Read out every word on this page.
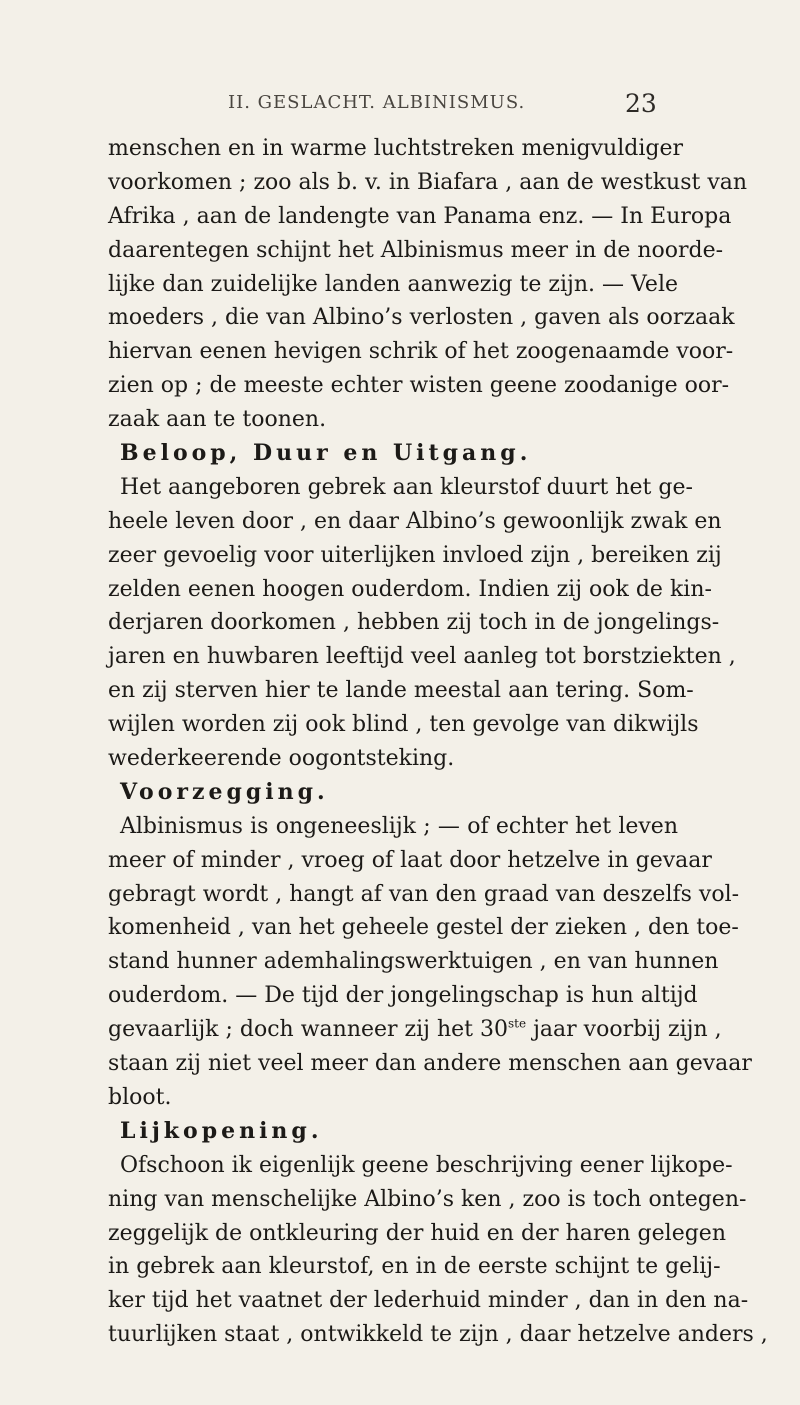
II. GESLACHT. ALBINISMUS.	23
menschen en in warme luchtstreken menigvuldiger
voorkomen ; zoo als b. v. in Biafara , aan de westkust van
Afrika , aan de landengte van Panama enz. — In Europa
daarentegen schijnt het Albinismus meer in de noorde-
lijke dan zuidelijke landen aanwezig te zijn. — Vele
moeders , die van Albino’s verlosten , gaven als oorzaak
hiervan eenen hevigen schrik of het zoogenaamde voor-
zien op ; de meeste echter wisten geene zoodanige oor-
zaak aan te toonen.
Beloop, Duur en Uitgang.
Het aangeboren gebrek aan kleurstof duurt het ge-
heele leven door , en daar Albino’s gewoonlijk zwak en
zeer gevoelig voor uiterlijken invloed zijn , bereiken zij
zelden eenen hoogen ouderdom. Indien zij ook de kin-
derjaren doorkomen , hebben zij toch in de jongelings-
jaren en huwbaren leeftijd veel aanleg tot borstziekten ,
en zij sterven hier te lande meestal aan tering. Som-
wijlen worden zij ook blind , ten gevolge van dikwijls
wederkeerende oogontsteking.
Voorzegging.
Albinismus is ongeneeslijk ; — of echter het leven
meer of minder , vroeg of laat door hetzelve in gevaar
gebragt wordt , hangt af van den graad van deszelfs vol-
komenheid , van het geheele gestel der zieken , den toe-
stand hunner ademhalingswerktuigen , en van hunnen
ouderdom. — De tijd der jongelingschap is hun altijd
gevaarlijk ; doch wanneer zij het 30ste jaar voorbij zijn ,
staan zij niet veel meer dan andere menschen aan gevaar
bloot.
Lijkopening.
Ofschoon ik eigenlijk geene beschrijving eener lijkope-
ning van menschelijke Albino’s ken , zoo is toch ontegen-
zeggelijk de ontkleuring der huid en der haren gelegen
in gebrek aan kleurstof, en in de eerste schijnt te gelij-
ker tijd het vaatnet der lederhuid minder , dan in den na-
tuurlijken staat , ontwikkeld te zijn , daar hetzelve anders ,
